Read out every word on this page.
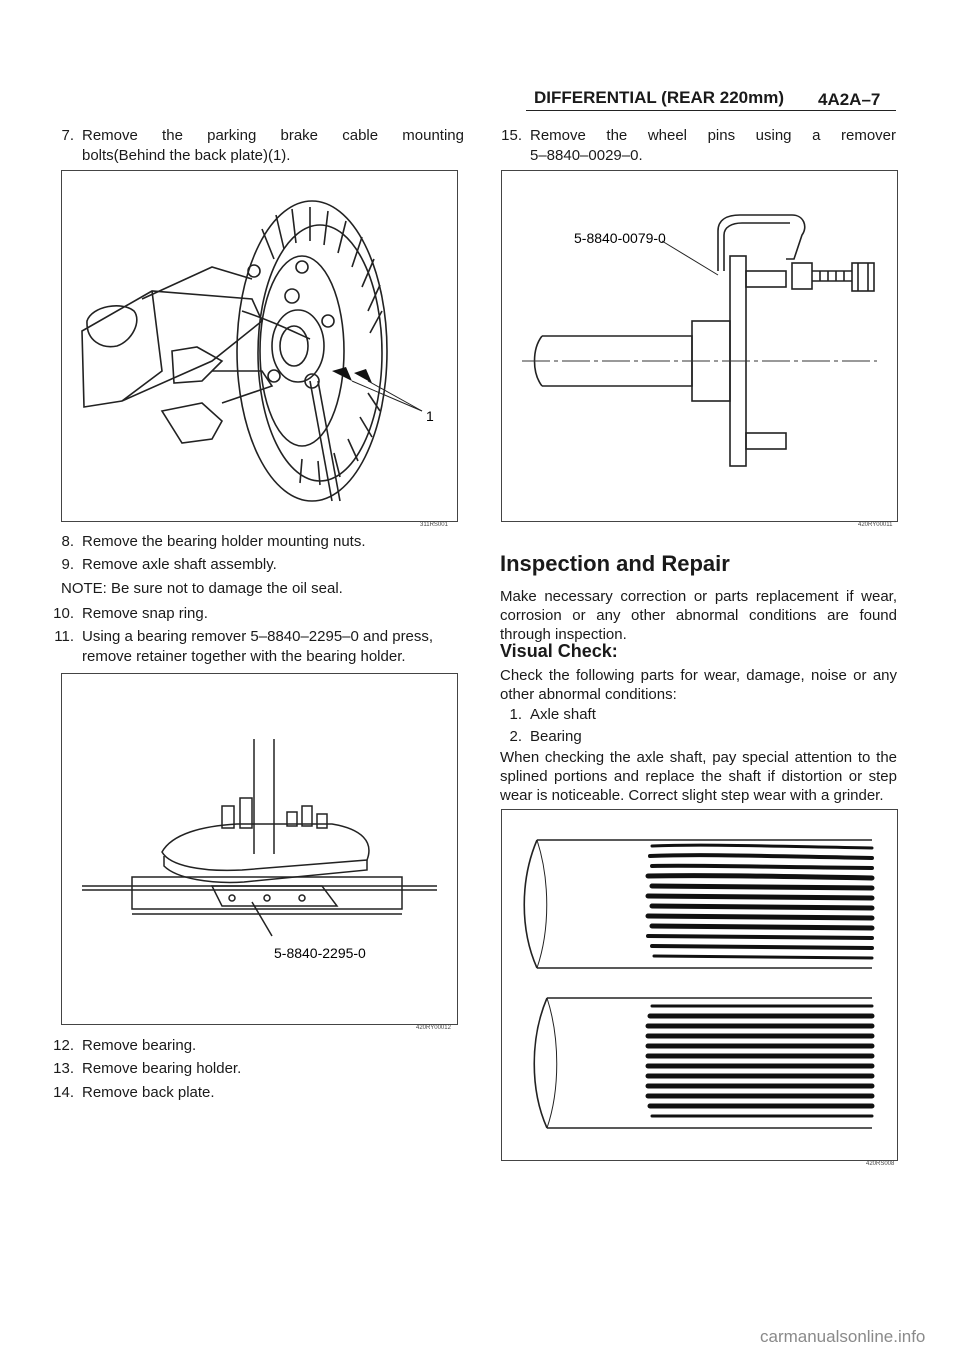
DIFFERENTIAL (REAR 220mm) 4A2A–7
7. Remove the parking brake cable mounting
bolts(Behind the back plate)(1).
1
311RS001
8. Remove the bearing holder mounting nuts.
9. Remove axle shaft assembly.
NOTE: Be sure not to damage the oil seal.
10. Remove snap ring.
11. Using a bearing remover 5–8840–2295–0 and press,
remove retainer together with the bearing holder.
5-8840-2295-0
420RY00012
12. Remove bearing.
13. Remove bearing holder.
14. Remove back plate.
15. Remove the wheel pins using a remover
5–8840–0029–0.
5-8840-0079-0
420RY00011
Inspection and Repair
Make necessary correction or parts replacement if wear, corrosion or any other abnormal conditions are found through inspection.
Visual Check:
Check the following parts for wear, damage, noise or any other abnormal conditions:
1. Axle shaft
2. Bearing
When checking the axle shaft, pay special attention to the splined portions and replace the shaft if distortion or step wear is noticeable. Correct slight step wear with a grinder.
420RS008
carmanualsonline.info
